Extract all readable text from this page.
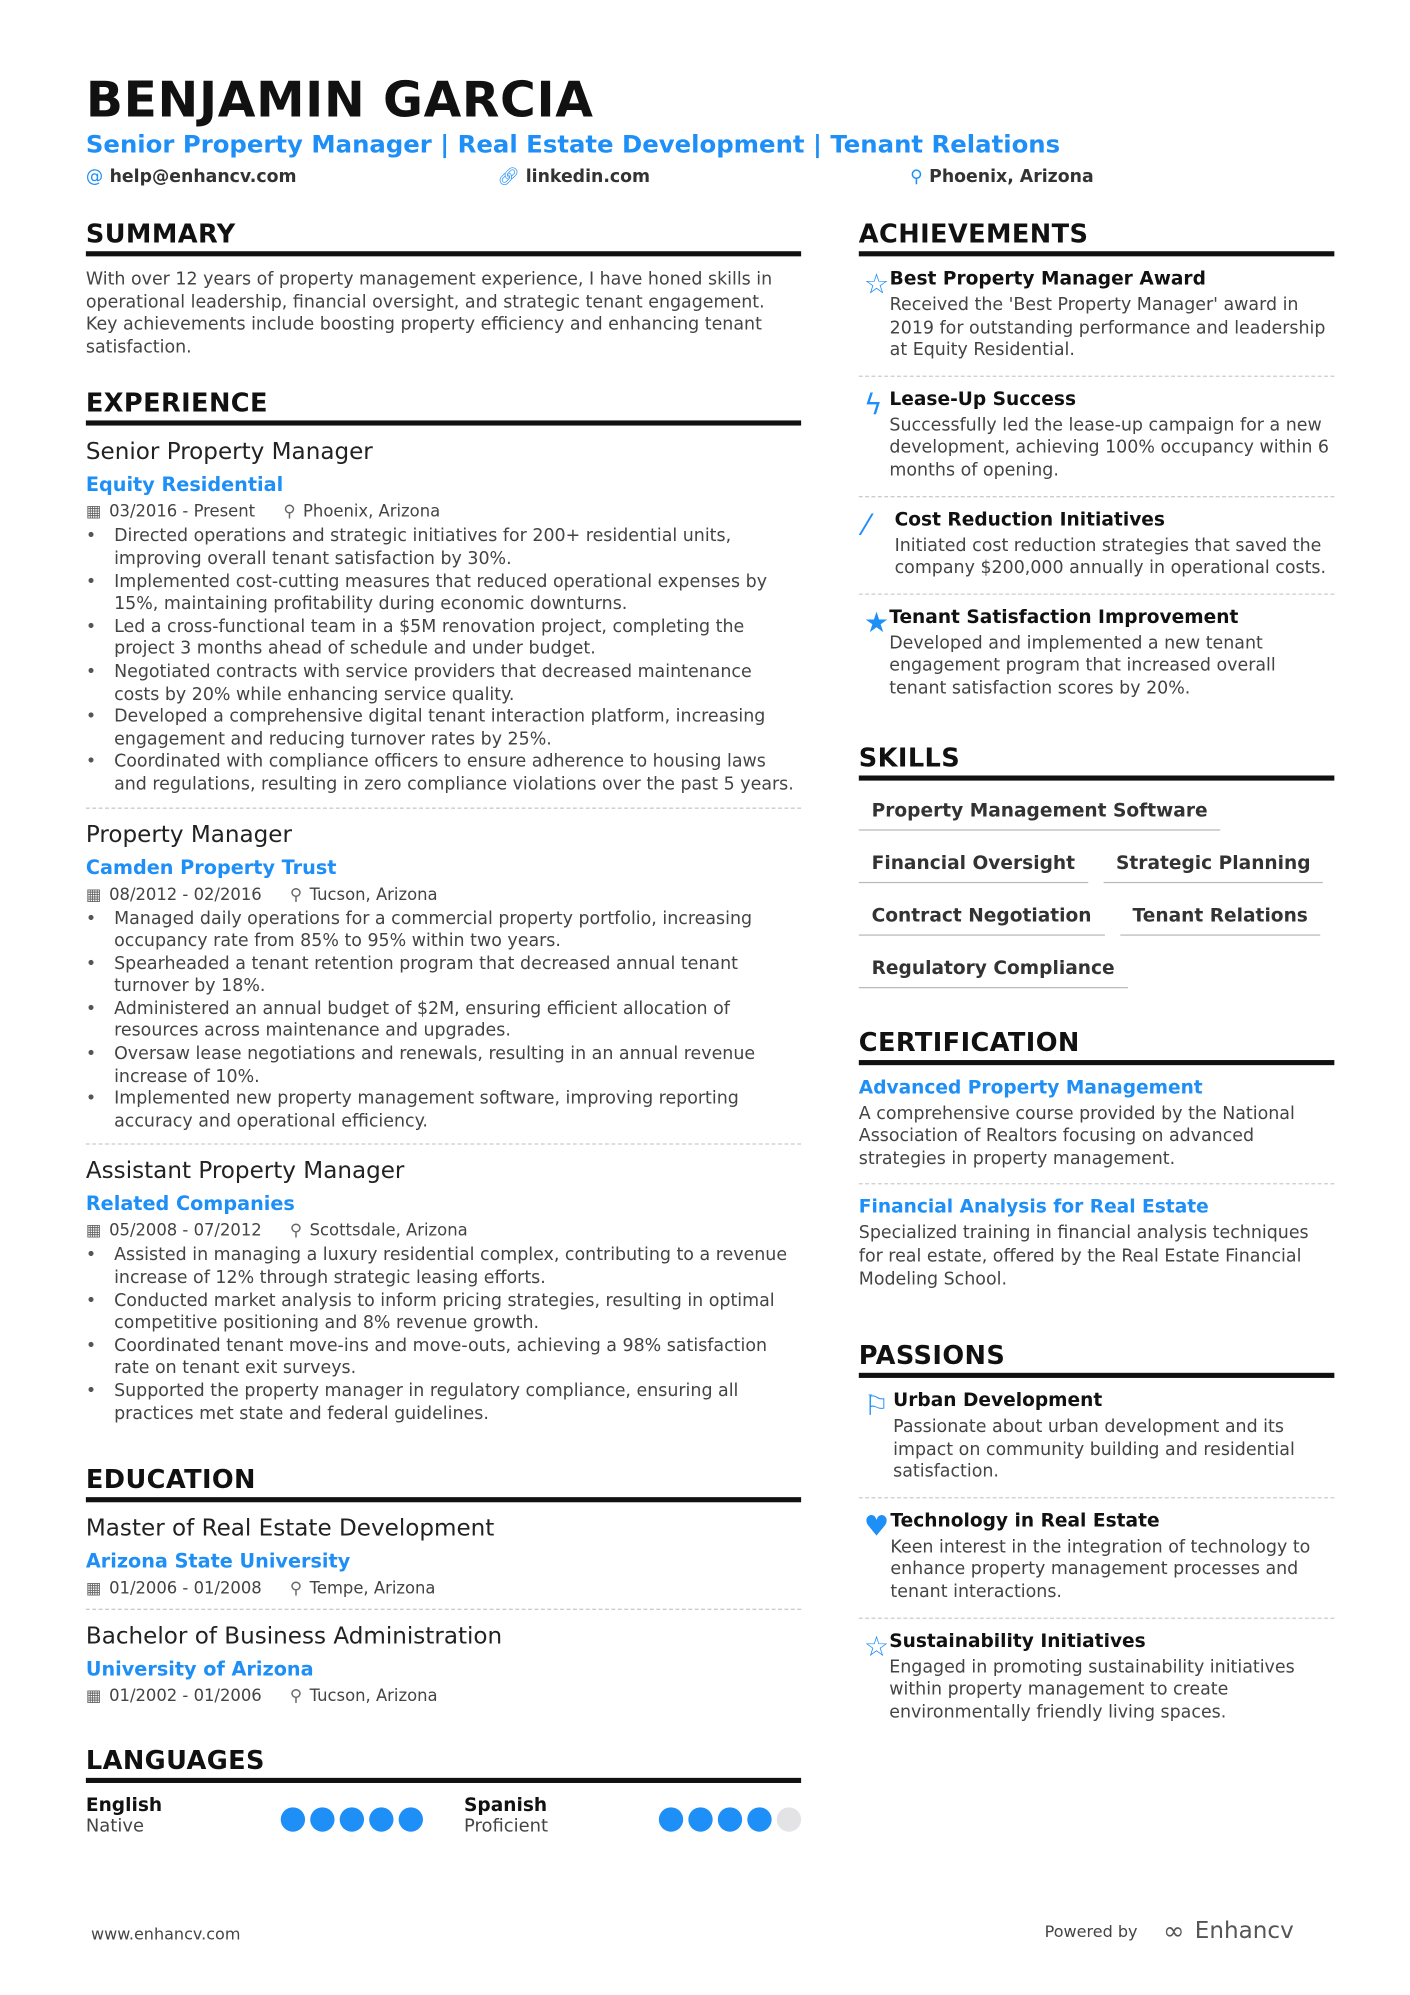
BENJAMIN GARCIA
Senior Property Manager | Real Estate Development | Tenant Relations
@ help@enhancv.com	🔗︎ linkedin.com	⚲ Phoenix, Arizona
SUMMARY

With over 12 years of property management experience, I have honed skills in operational leadership, financial oversight, and strategic tenant engagement. Key achievements include boosting property efficiency and enhancing tenant satisfaction.

EXPERIENCE
Senior Property Manager
Equity Residential
▦ 03/2016 - Present ⚲ Phoenix, Arizona
• Directed operations and strategic initiatives for 200+ residential units, improving overall tenant satisfaction by 30%.
• Implemented cost-cutting measures that reduced operational expenses by 15%, maintaining profitability during economic downturns.
• Led a cross-functional team in a $5M renovation project, completing the project 3 months ahead of schedule and under budget.
• Negotiated contracts with service providers that decreased maintenance costs by 20% while enhancing service quality.
• Developed a comprehensive digital tenant interaction platform, increasing engagement and reducing turnover rates by 25%.
• Coordinated with compliance officers to ensure adherence to housing laws and regulations, resulting in zero compliance violations over the past 5 years.
Property Manager
Camden Property Trust
▦ 08/2012 - 02/2016 ⚲ Tucson, Arizona
• Managed daily operations for a commercial property portfolio, increasing occupancy rate from 85% to 95% within two years.
• Spearheaded a tenant retention program that decreased annual tenant turnover by 18%.
• Administered an annual budget of $2M, ensuring efficient allocation of resources across maintenance and upgrades.
• Oversaw lease negotiations and renewals, resulting in an annual revenue increase of 10%.
• Implemented new property management software, improving reporting accuracy and operational efficiency.
Assistant Property Manager
Related Companies
▦ 05/2008 - 07/2012 ⚲ Scottsdale, Arizona
• Assisted in managing a luxury residential complex, contributing to a revenue increase of 12% through strategic leasing efforts.
• Conducted market analysis to inform pricing strategies, resulting in optimal competitive positioning and 8% revenue growth.
• Coordinated tenant move-ins and move-outs, achieving a 98% satisfaction rate on tenant exit surveys.
• Supported the property manager in regulatory compliance, ensuring all practices met state and federal guidelines.
EDUCATION
Master of Real Estate Development
Arizona State University
▦ 01/2006 - 01/2008 ⚲ Tempe, Arizona
Bachelor of Business Administration
University of Arizona
▦ 01/2002 - 01/2006 ⚲ Tucson, Arizona
LANGUAGES
English
Native
Spanish
Proficient
ACHIEVEMENTS
☆ Best Property Manager Award

Received the 'Best Property Manager' award in 2019 for outstanding performance and leadership at Equity Residential.

ϟ Lease-Up Success

Successfully led the lease-up campaign for a new development, achieving 100% occupancy within 6 months of opening.

⁄	Cost Reduction Initiatives

Initiated cost reduction strategies that saved the company $200,000 annually in operational costs.

★ Tenant Satisfaction Improvement

Developed and implemented a new tenant engagement program that increased overall tenant satisfaction scores by 20%.

SKILLS
Property Management Software
Financial Oversight	Strategic Planning
Contract Negotiation	Tenant Relations
Regulatory Compliance
CERTIFICATION
Advanced Property Management

A comprehensive course provided by the National Association of Realtors focusing on advanced strategies in property management.

Financial Analysis for Real Estate

Specialized training in financial analysis techniques for real estate, offered by the Real Estate Financial Modeling School.

PASSIONS
⚐ Urban Development

Passionate about urban development and its impact on community building and residential satisfaction.

♥ Technology in Real Estate

Keen interest in the integration of technology to enhance property management processes and tenant interactions.

☆ Sustainability Initiatives

Engaged in promoting sustainability initiatives within property management to create environmentally friendly living spaces.

www.enhancv.com	Powered by ∞ Enhancv
